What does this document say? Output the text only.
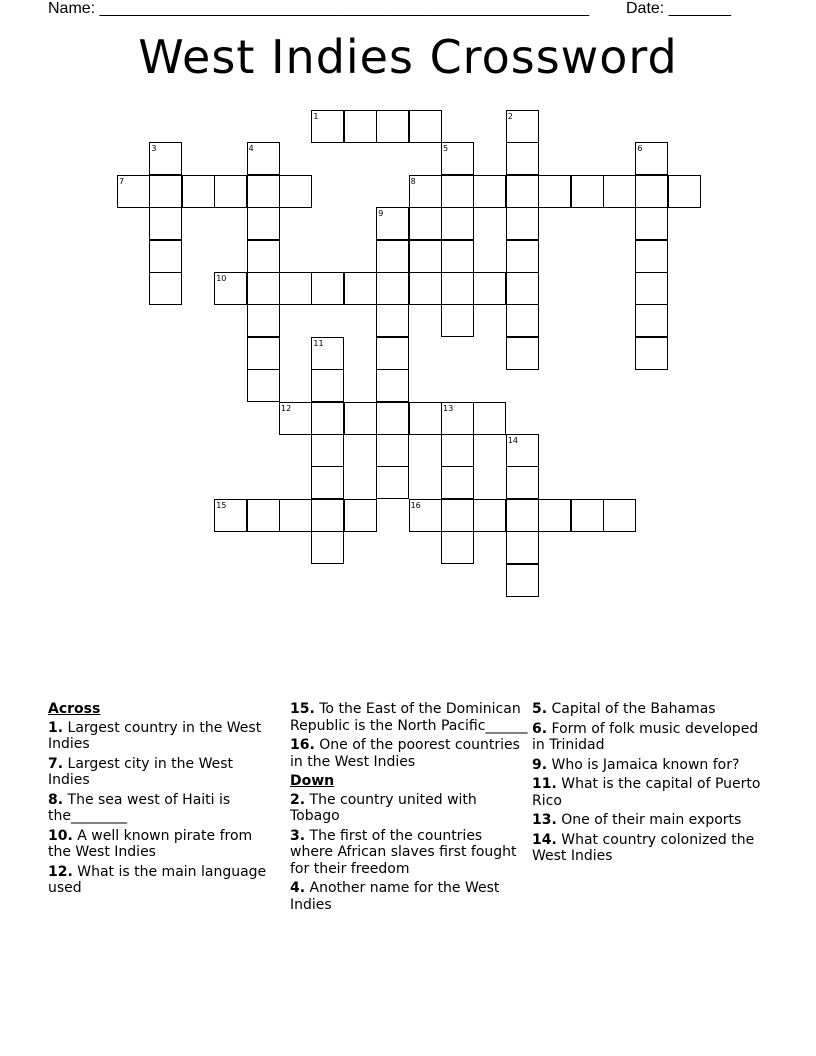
Name: _______________________________________________________ Date: _______
West Indies Crossword
1	2
3	4	5	6
7	8
9
10
11
12	13
14
15	16
Across
1. Largest country in the West Indies
7. Largest city in the West Indies
8. The sea west of Haiti is the________
10. A well known pirate from the West Indies
12. What is the main language used
15. To the East of the Dominican Republic is the North Pacific______
16. One of the poorest countries in the West Indies
Down
2. The country united with Tobago
3. The first of the countries where African slaves first fought for their freedom
4. Another name for the West Indies
5. Capital of the Bahamas
6. Form of folk music developed in Trinidad
9. Who is Jamaica known for?
11. What is the capital of Puerto Rico
13. One of their main exports
14. What country colonized the West Indies
